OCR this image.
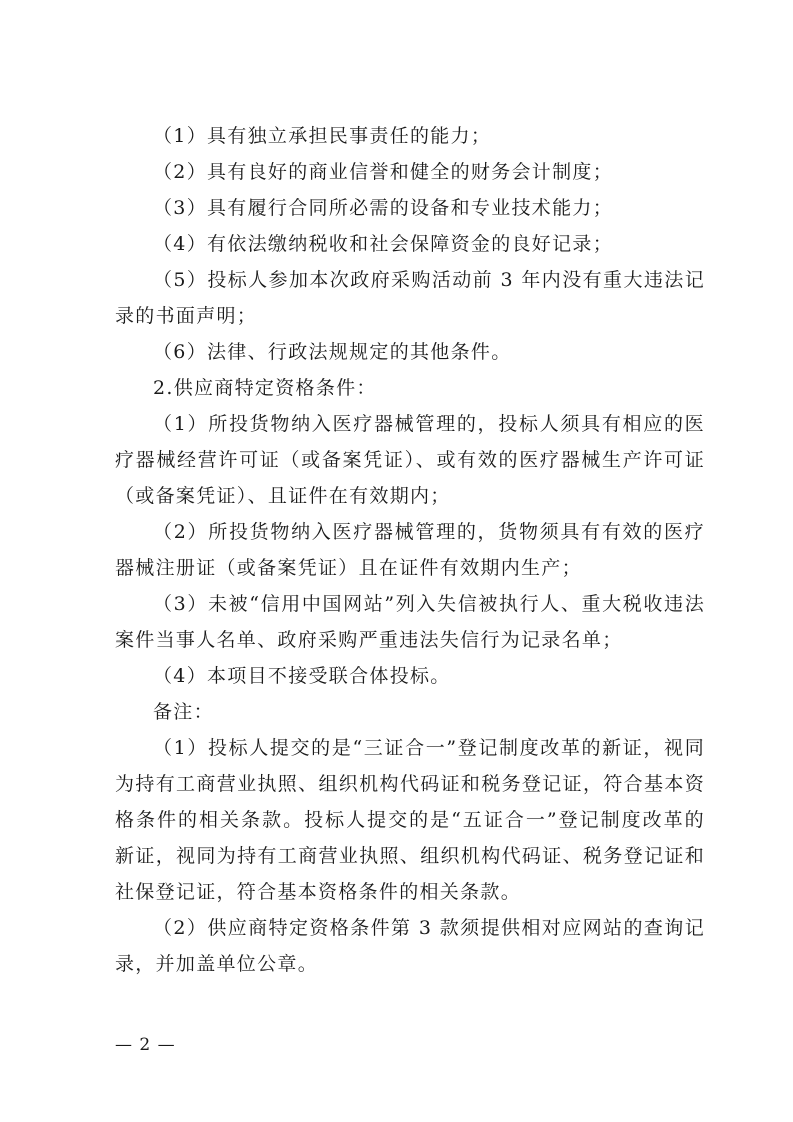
（1）具有独立承担民事责任的能力；

（2）具有良好的商业信誉和健全的财务会计制度；

（3）具有履行合同所必需的设备和专业技术能力；

（4）有依法缴纳税收和社会保障资金的良好记录；

（5）投标人参加本次政府采购活动前 3 年内没有重大违法记录的书面声明；

（6）法律、行政法规规定的其他条件。

2.供应商特定资格条件：

（1）所投货物纳入医疗器械管理的，投标人须具有相应的医疗器械经营许可证（或备案凭证）、或有效的医疗器械生产许可证（或备案凭证）、且证件在有效期内；

（2）所投货物纳入医疗器械管理的，货物须具有有效的医疗器械注册证（或备案凭证）且在证件有效期内生产；

（3）未被“信用中国网站”列入失信被执行人、重大税收违法案件当事人名单、政府采购严重违法失信行为记录名单；

（4）本项目不接受联合体投标。

备注：

（1）投标人提交的是“三证合一”登记制度改革的新证，视同为持有工商营业执照、组织机构代码证和税务登记证，符合基本资格条件的相关条款。投标人提交的是“五证合一”登记制度改革的新证，视同为持有工商营业执照、组织机构代码证、税务登记证和社保登记证，符合基本资格条件的相关条款。

（2）供应商特定资格条件第 3 款须提供相对应网站的查询记录，并加盖单位公章。

— 2 —
